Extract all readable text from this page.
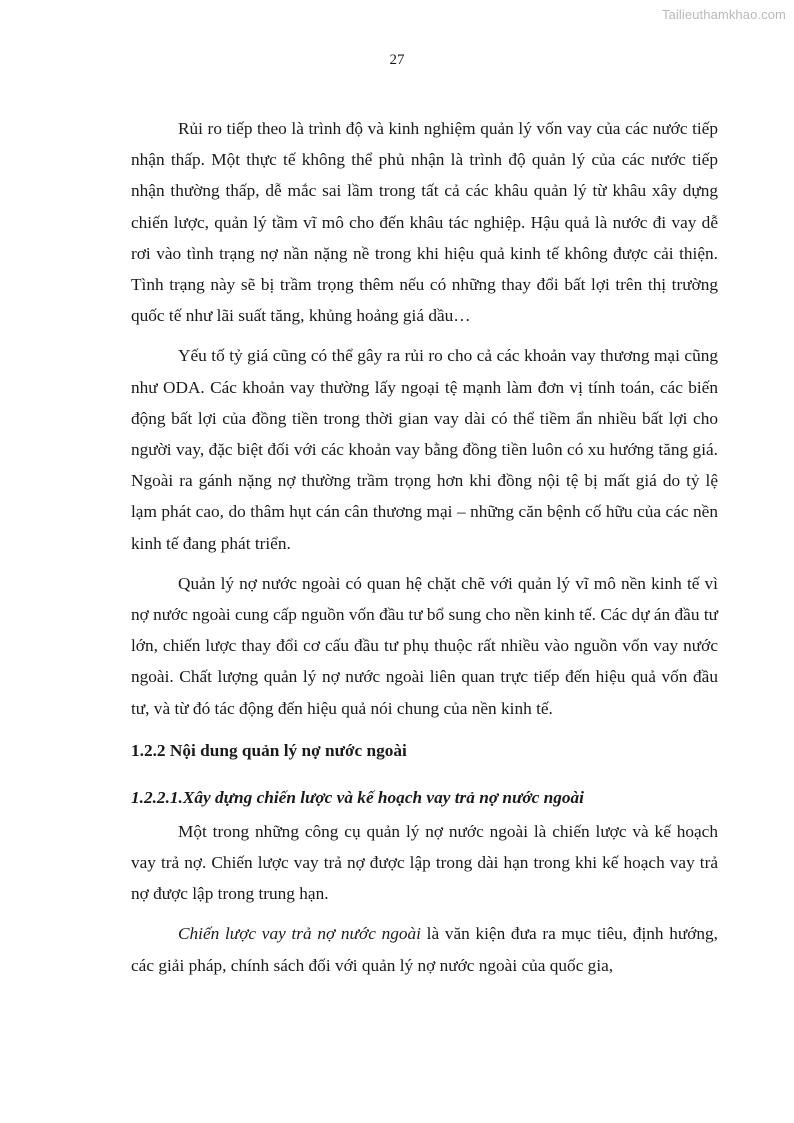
Tailieuthamkhao.com
27

Rủi ro tiếp theo là trình độ và kinh nghiệm quản lý vốn vay của các nước tiếp nhận thấp. Một thực tế không thể phủ nhận là trình độ quản lý của các nước tiếp nhận thường thấp, dễ mắc sai lầm trong tất cả các khâu quản lý từ khâu xây dựng chiến lược, quản lý tầm vĩ mô cho đến khâu tác nghiệp. Hậu quả là nước đi vay dễ rơi vào tình trạng nợ nần nặng nề trong khi hiệu quả kinh tế không được cải thiện. Tình trạng này sẽ bị trầm trọng thêm nếu có những thay đổi bất lợi trên thị trường quốc tế như lãi suất tăng, khủng hoảng giá dầu…

Yếu tố tỷ giá cũng có thể gây ra rủi ro cho cả các khoản vay thương mại cũng như ODA. Các khoản vay thường lấy ngoại tệ mạnh làm đơn vị tính toán, các biến động bất lợi của đồng tiền trong thời gian vay dài có thể tiềm ẩn nhiều bất lợi cho người vay, đặc biệt đối với các khoản vay bằng đồng tiền luôn có xu hướng tăng giá. Ngoài ra gánh nặng nợ thường trầm trọng hơn khi đồng nội tệ bị mất giá do tỷ lệ lạm phát cao, do thâm hụt cán cân thương mại – những căn bệnh cố hữu của các nền kinh tế đang phát triển.

Quản lý nợ nước ngoài có quan hệ chặt chẽ với quản lý vĩ mô nền kinh tế vì nợ nước ngoài cung cấp nguồn vốn đầu tư bổ sung cho nền kinh tế. Các dự án đầu tư lớn, chiến lược thay đổi cơ cấu đầu tư phụ thuộc rất nhiều vào nguồn vốn vay nước ngoài. Chất lượng quản lý nợ nước ngoài liên quan trực tiếp đến hiệu quả vốn đầu tư, và từ đó tác động đến hiệu quả nói chung của nền kinh tế.

1.2.2 Nội dung quản lý nợ nước ngoài
1.2.2.1.Xây dựng chiến lược và kế hoạch vay trả nợ nước ngoài

Một trong những công cụ quản lý nợ nước ngoài là chiến lược và kế hoạch vay trả nợ. Chiến lược vay trả nợ được lập trong dài hạn trong khi kế hoạch vay trả nợ được lập trong trung hạn.

Chiến lược vay trả nợ nước ngoài là văn kiện đưa ra mục tiêu, định hướng, các giải pháp, chính sách đối với quản lý nợ nước ngoài của quốc gia,
